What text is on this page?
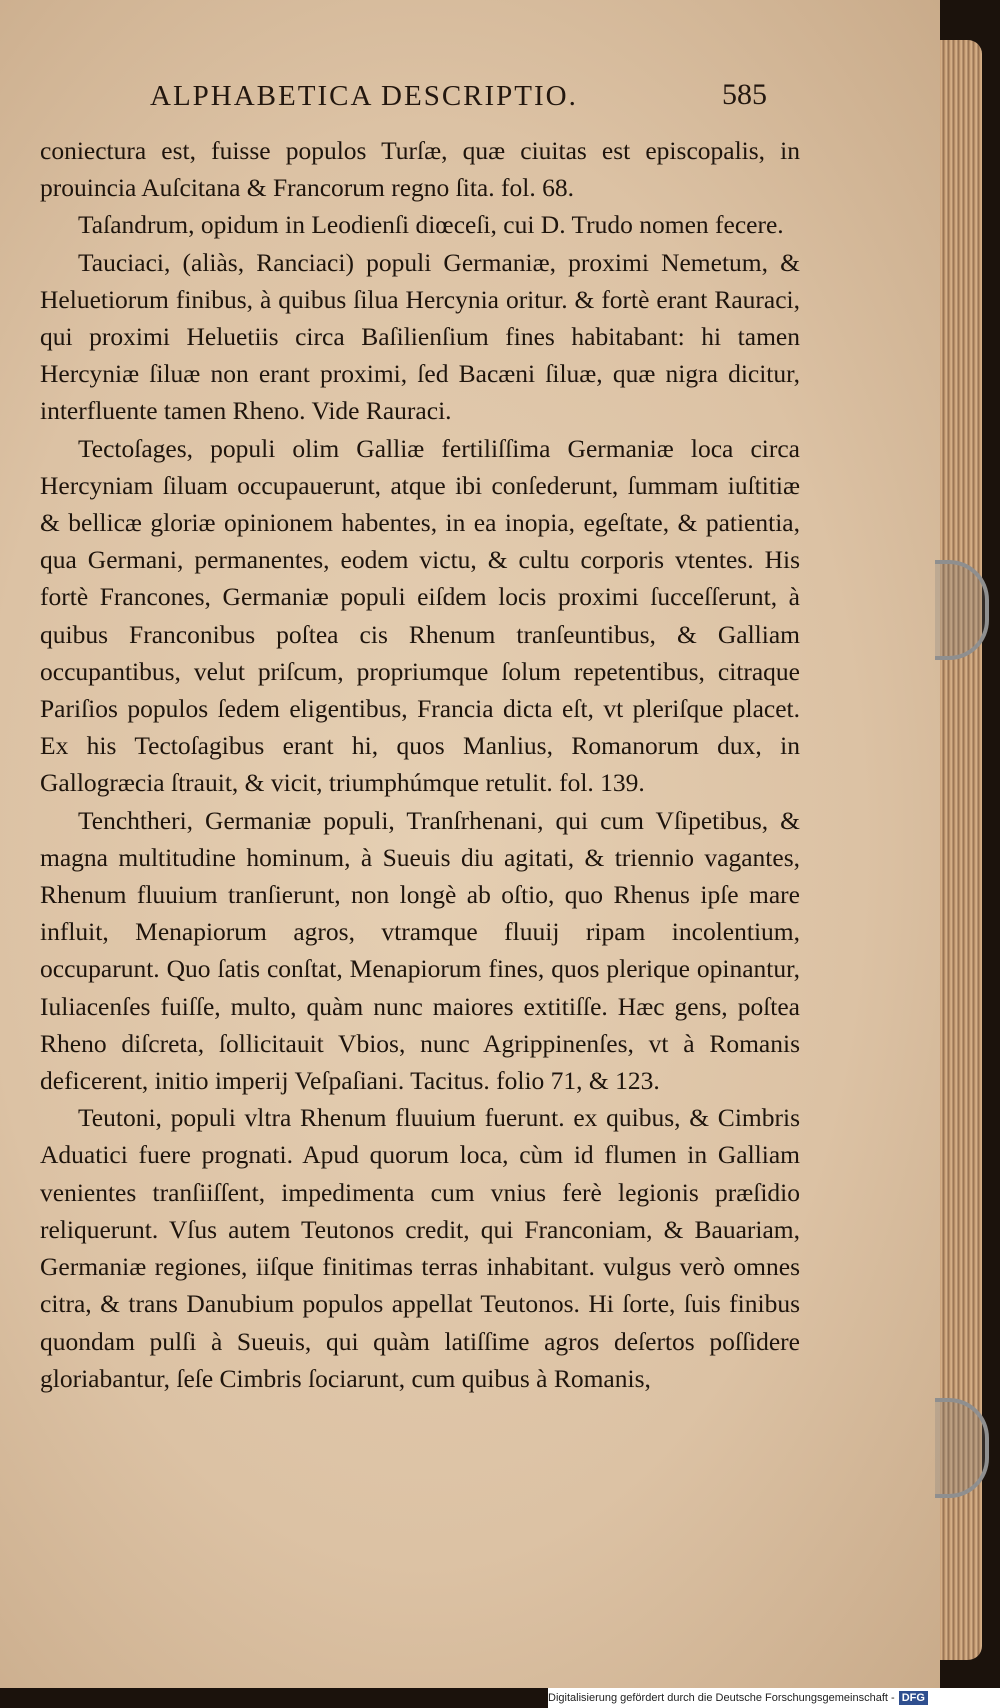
ALPHABETICA DESCRIPTIO.	585

coniectura est, fuisse populos Turſæ, quæ ciuitas est episcopalis, in prouincia Auſcitana & Francorum regno ſita. fol. 68.

Taſandrum, opidum in Leodienſi diœceſi, cui D. Trudo nomen fecere.

Tauciaci, (aliàs, Ranciaci) populi Germaniæ, proximi Nemetum, & Heluetiorum finibus, à quibus ſilua Hercynia oritur. & fortè erant Rauraci, qui proximi Heluetiis circa Baſilienſium fines habitabant: hi tamen Hercyniæ ſiluæ non erant proximi, ſed Bacæni ſiluæ, quæ nigra dicitur, interfluente tamen Rheno. Vide Rauraci.

Tectoſages, populi olim Galliæ fertiliſſima Germaniæ loca circa Hercyniam ſiluam occupauerunt, atque ibi conſederunt, ſummam iuſtitiæ & bellicæ gloriæ opinionem habentes, in ea inopia, egeſtate, & patientia, qua Germani, permanentes, eodem victu, & cultu corporis vtentes. His fortè Francones, Germaniæ populi eiſdem locis proximi ſucceſſerunt, à quibus Franconibus poſtea cis Rhenum tranſeuntibus, & Galliam occupantibus, velut priſcum, propriumque ſolum repetentibus, citraque Pariſios populos ſedem eligentibus, Francia dicta eſt, vt pleriſque placet. Ex his Tectoſagibus erant hi, quos Manlius, Romanorum dux, in Gallogræcia ſtrauit, & vicit, triumphúmque retulit. fol. 139.

Tenchtheri, Germaniæ populi, Tranſrhenani, qui cum Vſipetibus, & magna multitudine hominum, à Sueuis diu agitati, & triennio vagantes, Rhenum fluuium tranſierunt, non longè ab oſtio, quo Rhenus ipſe mare influit, Menapiorum agros, vtramque fluuij ripam incolentium, occuparunt. Quo ſatis conſtat, Menapiorum fines, quos plerique opinantur, Iuliacenſes fuiſſe, multo, quàm nunc maiores extitiſſe. Hæc gens, poſtea Rheno diſcreta, ſollicitauit Vbios, nunc Agrippinenſes, vt à Romanis deficerent, initio imperij Veſpaſiani. Tacitus. folio 71, & 123.

Teutoni, populi vltra Rhenum fluuium fuerunt. ex quibus, & Cimbris Aduatici fuere prognati. Apud quorum loca, cùm id flumen in Galliam venientes tranſiiſſent, impedimenta cum vnius ferè legionis præſidio reliquerunt. Vſus autem Teutonos credit, qui Franconiam, & Bauariam, Germaniæ regiones, iiſque finitimas terras inhabitant. vulgus verò omnes citra, & trans Danubium populos appellat Teutonos. Hi ſorte, ſuis finibus quondam pulſi à Sueuis, qui quàm latiſſime agros deſertos poſſidere gloriabantur, ſeſe Cimbris ſociarunt, cum quibus à Romanis,

Digitalisierung gefördert durch die Deutsche Forschungsgemeinschaft - DFG
